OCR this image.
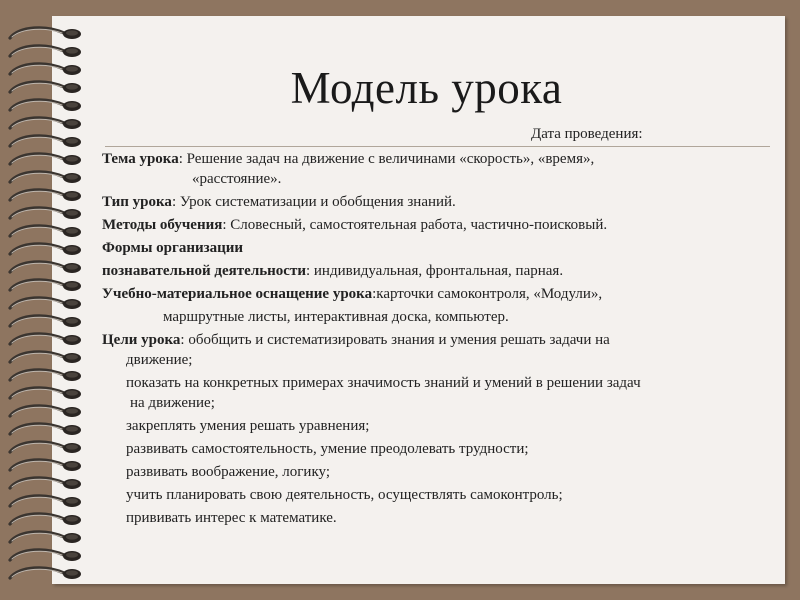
Модель урока
Дата проведения:
Тема урока: Решение задач на движение с величинами «скорость», «время»,
«расстояние».
Тип урока: Урок систематизации и обобщения знаний.
Методы обучения: Словесный, самостоятельная работа, частично-поисковый.
Формы организации
познавательной деятельности: индивидуальная, фронтальная, парная.
Учебно-материальное оснащение урока:карточки самоконтроля, «Модули»,
маршрутные листы, интерактивная доска, компьютер.
Цели урока: обобщить и систематизировать знания и умения решать задачи на
движение;
показать на конкретных примерах значимость знаний и умений в решении задач
на движение;
закреплять умения решать уравнения;
развивать самостоятельность, умение преодолевать трудности;
развивать воображение, логику;
учить планировать свою деятельность, осуществлять самоконтроль;
прививать интерес к математике.
